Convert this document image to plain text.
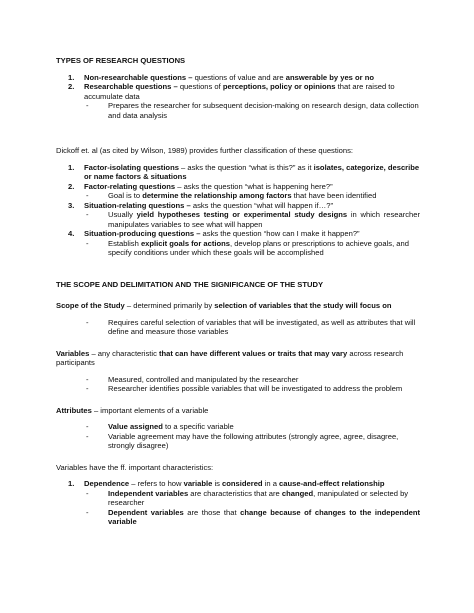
TYPES OF RESEARCH QUESTIONS

1. Non-researchable questions – questions of value and are answerable by yes or no
2. Researchable questions – questions of perceptions, policy or opinions that are raised to accumulate data
-	Prepares the researcher for subsequent decision-making on research design, data collection and data analysis

Dickoff et. al (as cited by Wilson, 1989) provides further classification of these questions:

1. Factor-isolating questions – asks the question “what is this?” as it isolates, categorize, describe or name factors & situations
2. Factor-relating questions – asks the question “what is happening here?”
-	Goal is to determine the relationship among factors that have been identified
3. Situation-relating questions – asks the question “what will happen if…?”
-	Usually yield hypotheses testing or experimental study designs in which researcher manipulates variables to see what will happen
4. Situation-producing questions – asks the question “how can I make it happen?”
-	Establish explicit goals for actions, develop plans or prescriptions to achieve goals, and specify conditions under which these goals will be accomplished

THE SCOPE AND DELIMITATION AND THE SIGNIFICANCE OF THE STUDY

Scope of the Study – determined primarily by selection of variables that the study will focus on

-	Requires careful selection of variables that will be investigated, as well as attributes that will define and measure those variables

Variables – any characteristic that can have different values or traits that may vary across research participants

-	Measured, controlled and manipulated by the researcher
-	Researcher identifies possible variables that will be investigated to address the problem

Attributes – important elements of a variable

-	Value assigned to a specific variable
-	Variable agreement may have the following attributes (strongly agree, agree, disagree, strongly disagree)

Variables have the ff. important characteristics:

1. Dependence – refers to how variable is considered in a cause-and-effect relationship
-	Independent variables are characteristics that are changed, manipulated or selected by researcher
-	Dependent variables are those that change because of changes to the independent variable
